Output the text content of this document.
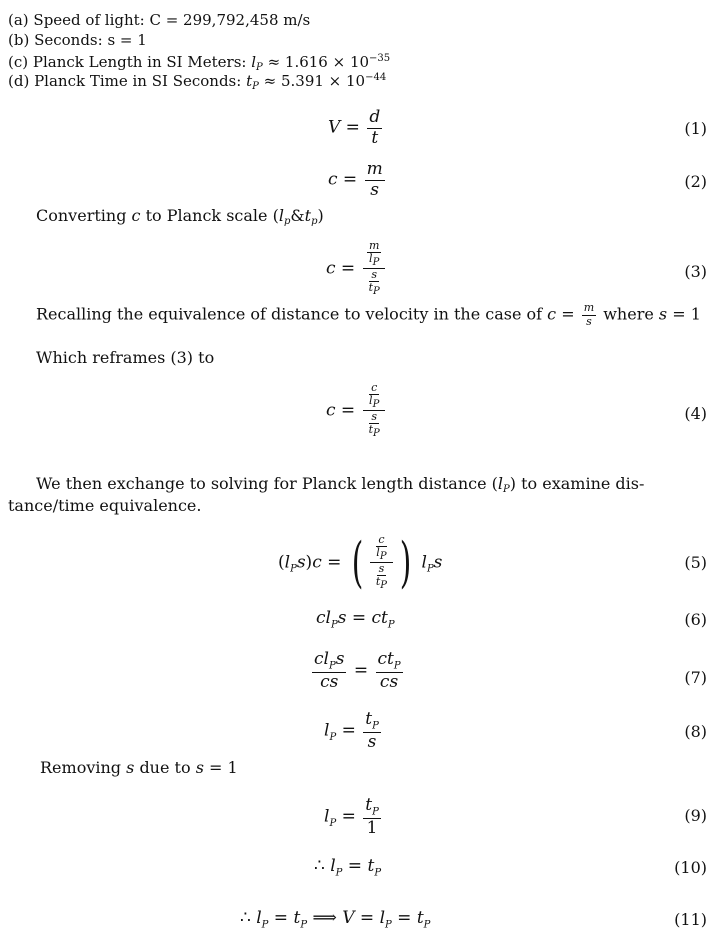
(a) Speed of light: C = 299,792,458 m/s
(b) Seconds: s = 1
(c) Planck Length in SI Meters: $l_P \approx 1.616 \times 10^{-35}$
(d) Planck Time in SI Seconds: $t_P \approx 5.391 \times 10^{-44}$
$V = \frac{d}{t}$	(1)
$c = \frac{m}{s}$	(2)
Converting c to Planck scale (lp&tp)
$c = \frac{\frac{m}{l_P}}{\frac{s}{t_P}}$	(3)
Recalling the equivalence of distance to velocity in the case of $c = \frac{m}{s}$ where s = 1
Which reframes (3) to
$c = \frac{\frac{c}{l_P}}{\frac{s}{t_P}}$	(4)
We then exchange to solving for Planck length distance (lP) to examine dis-
tance/time equivalence.
$(l_Ps)c$ = ( $\frac{\frac{c}{l_P}}{\frac{s}{t_P}}$ ) $l_Ps$	(5)
$cl_Ps = ct_P$	(6)
$\frac{cl_Ps}{cs} = \frac{ct_P}{cs}$	(7)
$l_P = \frac{t_P}{s}$	(8)
Removing s due to s = 1
$l_P = \frac{t_P}{1}$	(9)
∴ $l_P = t_P$	(10)
∴ $l_P = t_P$ ⟹ $V = l_P = t_P$	(11)
